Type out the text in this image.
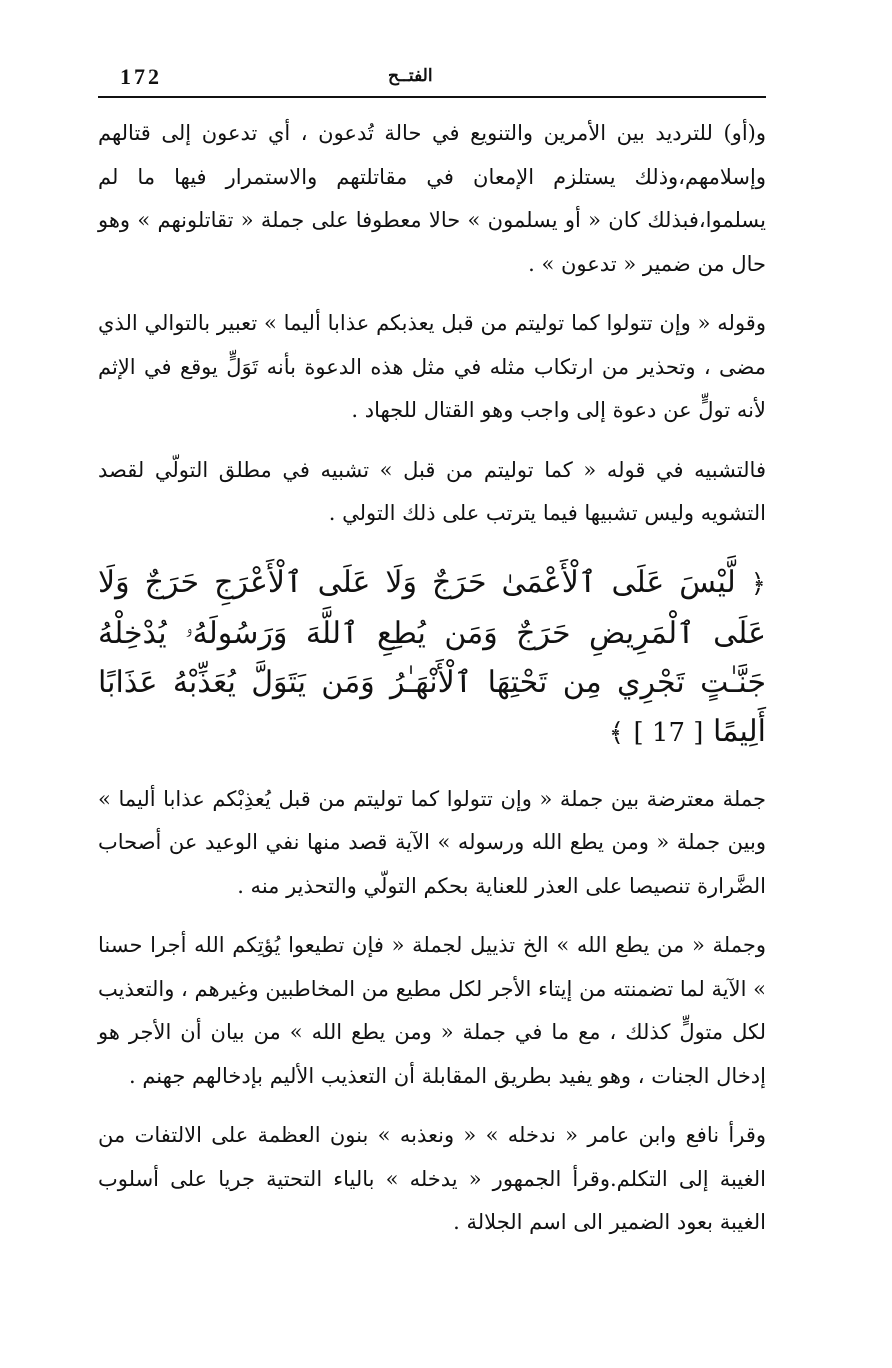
172	الفتــح

و(أو) للترديد بين الأمرين والتنويع في حالة تُدعون ، أي تدعون إلى قتالهم وإسلامهم،وذلك يستلزم الإمعان في مقاتلتهم والاستمرار فيها ما لم يسلموا،فبذلك كان « أو يسلمون » حالا معطوفا على جملة « تقاتلونهم » وهو حال من ضمير « تدعون » .

وقوله « وإن تتولوا كما توليتم من قبل يعذبكم عذابا أليما » تعبير بالتوالي الذي مضى ، وتحذير من ارتكاب مثله في مثل هذه الدعوة بأنه تَوَلٍّ يوقع في الإثم لأنه تولٍّ عن دعوة إلى واجب وهو القتال للجهاد .

فالتشبيه في قوله « كما توليتم من قبل » تشبيه في مطلق التولّي لقصد التشويه وليس تشبيها فيما يترتب على ذلك التولي .

﴿ لَّيْسَ عَلَى ٱلْأَعْمَىٰ حَرَجٌ وَلَا عَلَى ٱلْأَعْرَجِ حَرَجٌ وَلَا عَلَى ٱلْمَرِيضِ حَرَجٌ وَمَن يُطِعِ ٱللَّهَ وَرَسُولَهُۥ يُدْخِلْهُ جَنَّـٰتٍ تَجْرِي مِن تَحْتِهَا ٱلْأَنْهَـٰرُ وَمَن يَتَوَلَّ يُعَذِّبْهُ عَذَابًا أَلِيمًا [ 17 ] ﴾

جملة معترضة بين جملة « وإن تتولوا كما توليتم من قبل يُعذِبْكم عذابا أليما » وبين جملة « ومن يطع الله ورسوله » الآية قصد منها نفي الوعيد عن أصحاب الضَّرارة تنصيصا على العذر للعناية بحكم التولّي والتحذير منه .

وجملة « من يطع الله » الخ تذييل لجملة « فإن تطيعوا يُؤتِكم الله أجرا حسنا » الآية لما تضمنته من إيتاء الأجر لكل مطيع من المخاطبين وغيرهم ، والتعذيب لكل متولٍّ كذلك ، مع ما في جملة « ومن يطع الله » من بيان أن الأجر هو إدخال الجنات ، وهو يفيد بطريق المقابلة أن التعذيب الأليم بإدخالهم جهنم .

وقرأ نافع وابن عامر « ندخله » « ونعذبه » بنون العظمة على الالتفات من الغيبة إلى التكلم.وقرأ الجمهور « يدخله » بالياء التحتية جريا على أسلوب الغيبة بعود الضمير الى اسم الجلالة .
